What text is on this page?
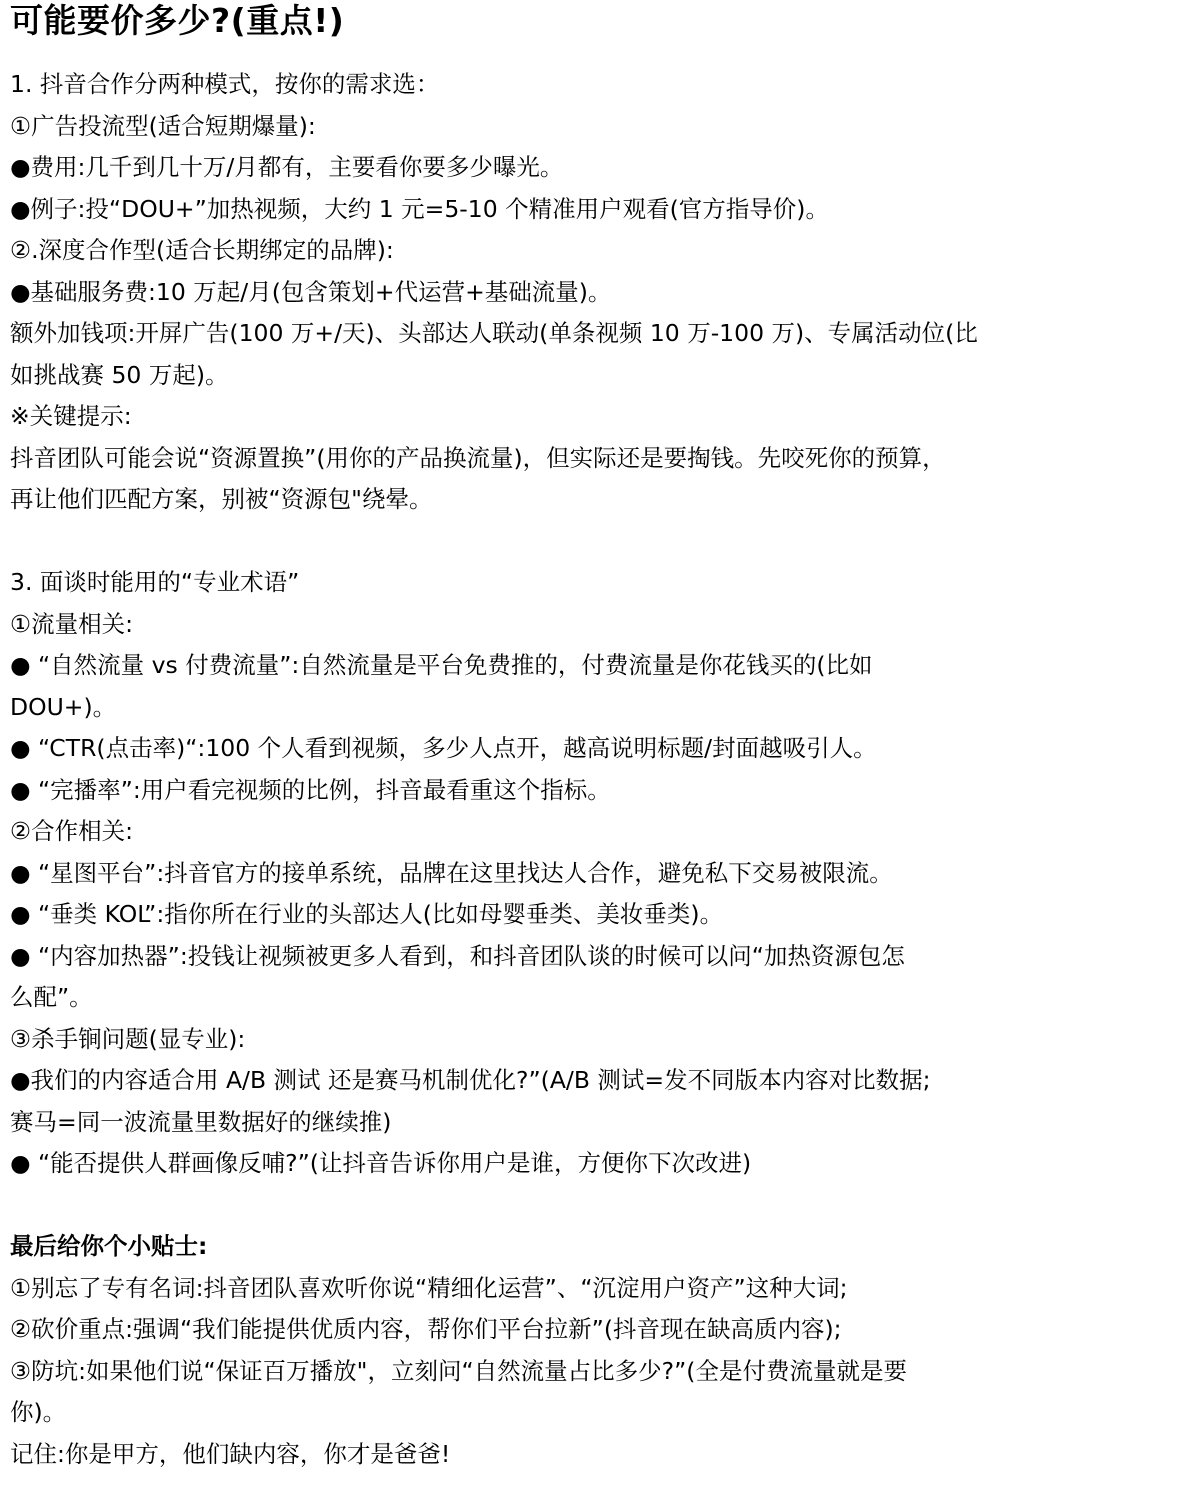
可能要价多少?(重点!)
1. 抖音合作分两种模式，按你的需求选：
①广告投流型(适合短期爆量):
●费用:几千到几十万/月都有，主要看你要多少曝光。
●例子:投“DOU+”加热视频，大约 1 元=5-10 个精准用户观看(官方指导价)。
②.深度合作型(适合长期绑定的品牌):
●基础服务费:10 万起/月(包含策划+代运营+基础流量)。
额外加钱项:开屏广告(100 万+/天)、头部达人联动(单条视频 10 万-100 万)、专属活动位(比
如挑战赛 50 万起)。
※关键提示:
抖音团队可能会说“资源置换”(用你的产品换流量)，但实际还是要掏钱。先咬死你的预算，
再让他们匹配方案，别被“资源包"绕晕。
3. 面谈时能用的“专业术语”
①流量相关:
● “自然流量 vs 付费流量”:自然流量是平台免费推的，付费流量是你花钱买的(比如
DOU+)。
● “CTR(点击率)“:100 个人看到视频，多少人点开，越高说明标题/封面越吸引人。
● “完播率”:用户看完视频的比例，抖音最看重这个指标。
②合作相关:
● “星图平台”:抖音官方的接单系统，品牌在这里找达人合作，避免私下交易被限流。
● “垂类 KOL”:指你所在行业的头部达人(比如母婴垂类、美妆垂类)。
● “内容加热器”:投钱让视频被更多人看到，和抖音团队谈的时候可以问“加热资源包怎
么配”。
③杀手锏问题(显专业):
●我们的内容适合用 A/B 测试 还是赛马机制优化?”(A/B 测试=发不同版本内容对比数据;
赛马=同一波流量里数据好的继续推)
● “能否提供人群画像反哺?”(让抖音告诉你用户是谁，方便你下次改进)
最后给你个小贴士:
①别忘了专有名词:抖音团队喜欢听你说“精细化运营”、“沉淀用户资产”这种大词;
②砍价重点:强调“我们能提供优质内容，帮你们平台拉新”(抖音现在缺高质内容);
③防坑:如果他们说“保证百万播放"，立刻问“自然流量占比多少?”(全是付费流量就是要
你)。
记住:你是甲方，他们缺内容，你才是爸爸!
